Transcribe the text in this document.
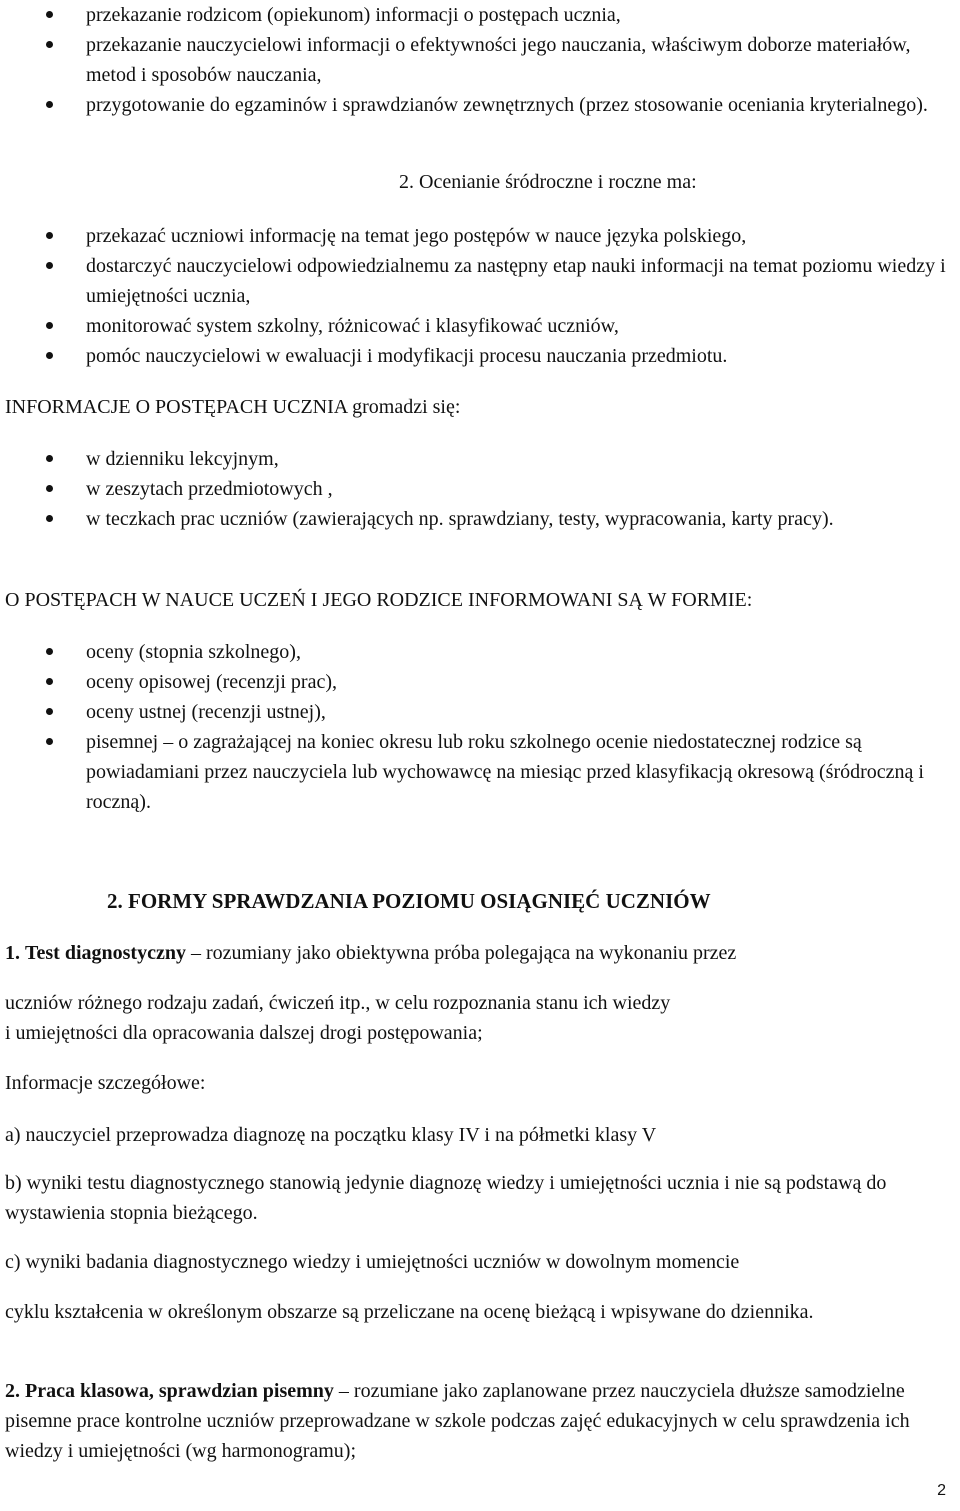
przekazanie rodzicom (opiekunom) informacji o postępach ucznia,
przekazanie nauczycielowi informacji o efektywności jego nauczania, właściwym doborze materiałów, metod i sposobów nauczania,
przygotowanie do egzaminów i sprawdzianów zewnętrznych (przez stosowanie oceniania kryterialnego).

2. Ocenianie śródroczne i roczne ma:

przekazać uczniowi informację na temat jego postępów w nauce języka polskiego,
dostarczyć nauczycielowi odpowiedzialnemu za następny etap nauki informacji na temat poziomu wiedzy i umiejętności ucznia,
monitorować system szkolny, różnicować i klasyfikować uczniów,
pomóc nauczycielowi w ewaluacji i modyfikacji procesu nauczania przedmiotu.

INFORMACJE O POSTĘPACH UCZNIA gromadzi się:

w dzienniku lekcyjnym,
w zeszytach przedmiotowych ,
w teczkach prac uczniów (zawierających np. sprawdziany, testy, wypracowania, karty pracy).

O POSTĘPACH W NAUCE UCZEŃ I JEGO RODZICE INFORMOWANI SĄ W FORMIE:

oceny (stopnia szkolnego),
oceny opisowej (recenzji prac),
oceny ustnej (recenzji ustnej),
pisemnej – o zagrażającej na koniec okresu lub roku szkolnego ocenie niedostatecznej rodzice są powiadamiani przez nauczyciela lub wychowawcę na miesiąc przed klasyfikacją okresową (śródroczną i roczną).
2. FORMY SPRAWDZANIA POZIOMU OSIĄGNIĘĆ UCZNIÓW

1. Test diagnostyczny – rozumiany jako obiektywna próba polegająca na wykonaniu przez

uczniów różnego rodzaju zadań, ćwiczeń itp., w celu rozpoznania stanu ich wiedzy

i umiejętności dla opracowania dalszej drogi postępowania;

Informacje szczegółowe:

a) nauczyciel przeprowadza diagnozę na początku klasy IV i na półmetki klasy V

b) wyniki testu diagnostycznego stanowią jedynie diagnozę wiedzy i umiejętności ucznia i nie są podstawą do wystawienia stopnia bieżącego.

c) wyniki badania diagnostycznego wiedzy i umiejętności uczniów w dowolnym momencie

cyklu kształcenia w określonym obszarze są przeliczane na ocenę bieżącą i wpisywane do dziennika.

2. Praca klasowa, sprawdzian pisemny – rozumiane jako zaplanowane przez nauczyciela dłuższe samodzielne pisemne prace kontrolne uczniów przeprowadzane w szkole podczas zajęć edukacyjnych w celu sprawdzenia ich wiedzy i umiejętności (wg harmonogramu);

2
